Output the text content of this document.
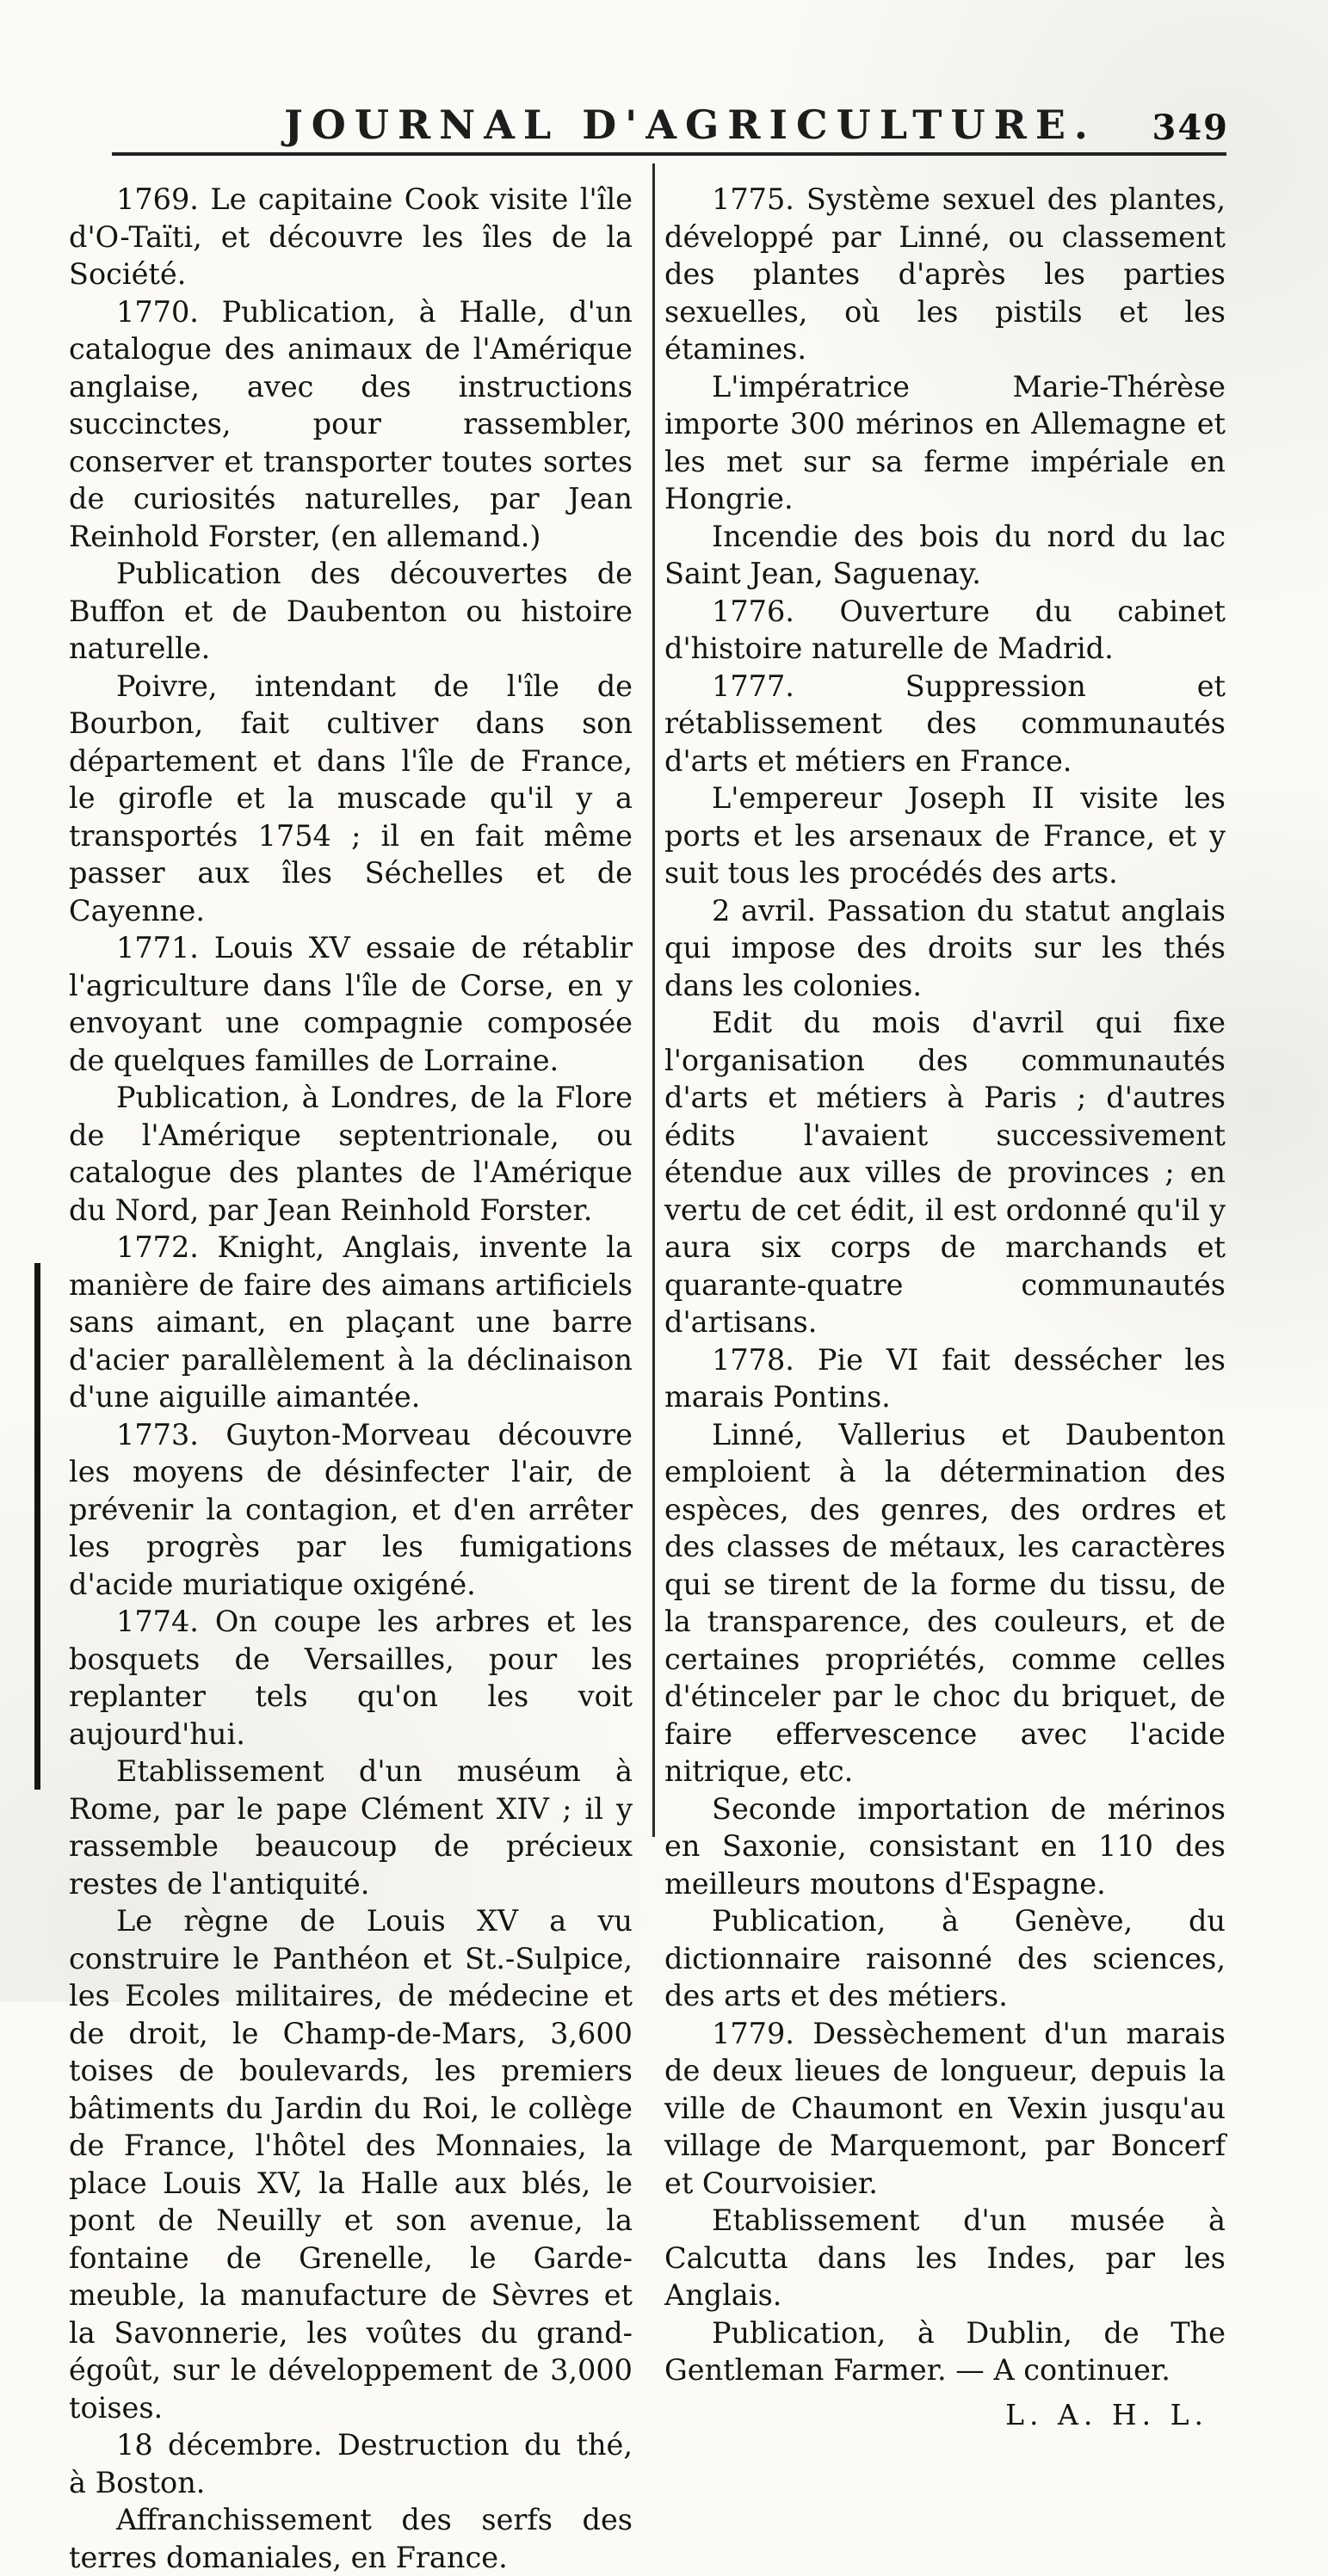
JOURNAL D'AGRICULTURE. 349

1769. Le capitaine Cook visite l'île d'O-Taïti, et découvre les îles de la Société.

1770. Publication, à Halle, d'un catalogue des animaux de l'Amérique anglaise, avec des instructions succinctes, pour rassembler, conserver et transporter toutes sortes de curiosités naturelles, par Jean Reinhold Forster, (en allemand.)

Publication des découvertes de Buffon et de Daubenton ou histoire naturelle.

Poivre, intendant de l'île de Bourbon, fait cultiver dans son département et dans l'île de France, le girofle et la muscade qu'il y a transportés 1754 ; il en fait même passer aux îles Séchelles et de Cayenne.

1771. Louis XV essaie de rétablir l'agriculture dans l'île de Corse, en y envoyant une compagnie composée de quelques familles de Lorraine.

Publication, à Londres, de la Flore de l'Amérique septentrionale, ou catalogue des plantes de l'Amérique du Nord, par Jean Reinhold Forster.

1772. Knight, Anglais, invente la manière de faire des aimans artificiels sans aimant, en plaçant une barre d'acier parallèlement à la déclinaison d'une aiguille aimantée.

1773. Guyton-Morveau découvre les moyens de désinfecter l'air, de prévenir la contagion, et d'en arrêter les progrès par les fumigations d'acide muriatique oxigéné.

1774. On coupe les arbres et les bosquets de Versailles, pour les replanter tels qu'on les voit aujourd'hui.

Etablissement d'un muséum à Rome, par le pape Clément XIV ; il y rassemble beaucoup de précieux restes de l'antiquité.

Le règne de Louis XV a vu construire le Panthéon et St.-Sulpice, les Ecoles militaires, de médecine et de droit, le Champ-de-Mars, 3,600 toises de boulevards, les premiers bâtiments du Jardin du Roi, le collège de France, l'hôtel des Monnaies, la place Louis XV, la Halle aux blés, le pont de Neuilly et son avenue, la fontaine de Grenelle, le Garde-meuble, la manufacture de Sèvres et la Savonnerie, les voûtes du grand-égoût, sur le développement de 3,000 toises.

18 décembre. Destruction du thé, à Boston.

Affranchissement des serfs des terres domaniales, en France.

1775. Système sexuel des plantes, développé par Linné, ou classement des plantes d'après les parties sexuelles, où les pistils et les étamines.

L'impératrice Marie-Thérèse importe 300 mérinos en Allemagne et les met sur sa ferme impériale en Hongrie.

Incendie des bois du nord du lac Saint Jean, Saguenay.

1776. Ouverture du cabinet d'histoire naturelle de Madrid.

1777. Suppression et rétablissement des communautés d'arts et métiers en France.

L'empereur Joseph II visite les ports et les arsenaux de France, et y suit tous les procédés des arts.

2 avril. Passation du statut anglais qui impose des droits sur les thés dans les colonies.

Edit du mois d'avril qui fixe l'organisation des communautés d'arts et métiers à Paris ; d'autres édits l'avaient successivement étendue aux villes de provinces ; en vertu de cet édit, il est ordonné qu'il y aura six corps de marchands et quarante-quatre communautés d'artisans.

1778. Pie VI fait dessécher les marais Pontins.

Linné, Vallerius et Daubenton emploient à la détermination des espèces, des genres, des ordres et des classes de métaux, les caractères qui se tirent de la forme du tissu, de la transparence, des couleurs, et de certaines propriétés, comme celles d'étinceler par le choc du briquet, de faire effervescence avec l'acide nitrique, etc.

Seconde importation de mérinos en Saxonie, consistant en 110 des meilleurs moutons d'Espagne.

Publication, à Genève, du dictionnaire raisonné des sciences, des arts et des métiers.

1779. Dessèchement d'un marais de deux lieues de longueur, depuis la ville de Chaumont en Vexin jusqu'au village de Marquemont, par Boncerf et Courvoisier.

Etablissement d'un musée à Calcutta dans les Indes, par les Anglais.

Publication, à Dublin, de The Gentleman Farmer. — A continuer.

L. A. H. L.
